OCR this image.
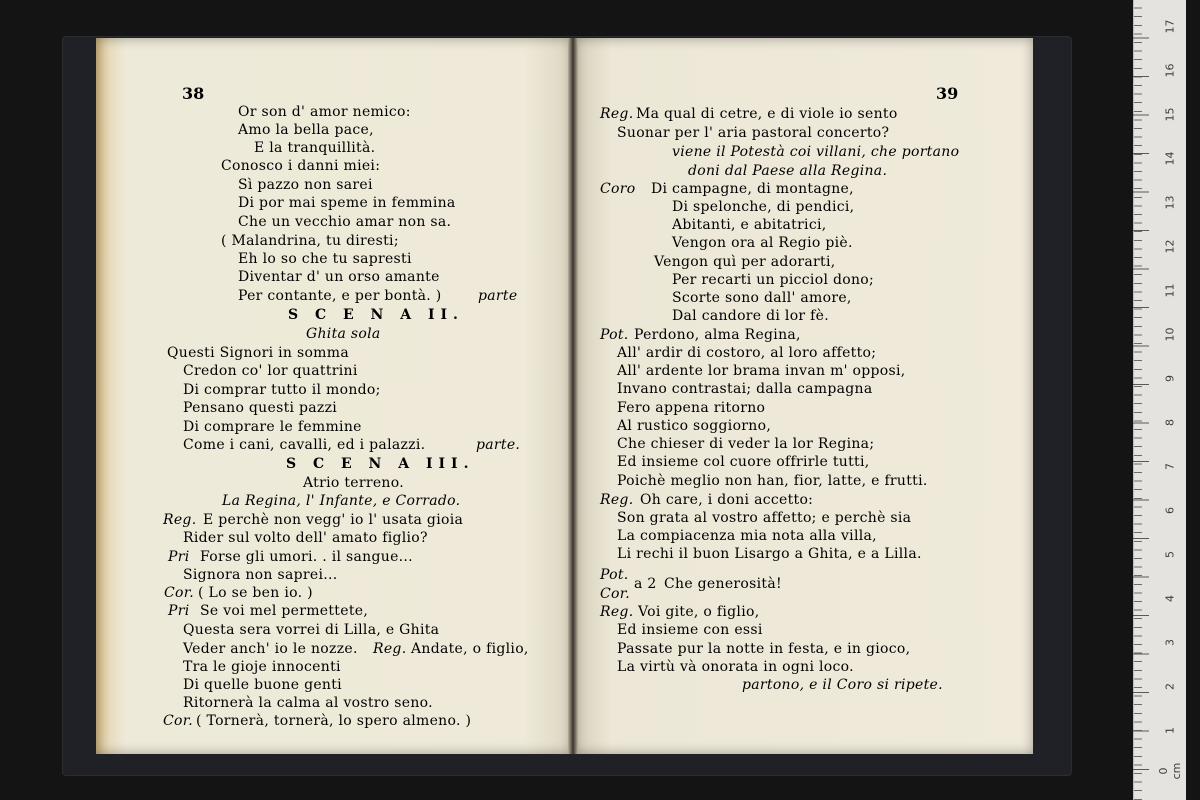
38
Or son d' amor nemico:
Amo la bella pace,
E la tranquillità.
Conosco i danni miei:
Sì pazzo non sarei
Di por mai speme in femmina
Che un vecchio amar non sa.
( Malandrina, tu diresti;
Eh lo so che tu sapresti
Diventar d' un orso amante
Per contante, e per bontà. )	parte
S C E N A II.
Ghita sola
Questi Signori in somma
Credon co' lor quattrini
Di comprar tutto il mondo;
Pensano questi pazzi
Di comprare le femmine
Come i cani, cavalli, ed i palazzi.	parte.
S C E N A III.
Atrio terreno.
La Regina, l' Infante, e Corrado.
Reg. E perchè non vegg' io l' usata gioia
Rider sul volto dell' amato figlio?
Pri Forse gli umori. . il sangue...
Signora non saprei...
Cor. ( Lo se ben io. )
Pri Se voi mel permettete,
Questa sera vorrei di Lilla, e Ghita
Veder anch' io le nozze. Reg. Andate, o figlio,
Tra le gioje innocenti
Di quelle buone genti
Ritornerà la calma al vostro seno.
Cor. ( Tornerà, tornerà, lo spero almeno. )
39
Reg. Ma qual di cetre, e di viole io sento
Suonar per l' aria pastoral concerto?
viene il Potestà coi villani, che portano
doni dal Paese alla Regina.
Coro Di campagne, di montagne,
Di spelonche, di pendici,
Abitanti, e abitatrici,
Vengon ora al Regio piè.
Vengon quì per adorarti,
Per recarti un picciol dono;
Scorte sono dall' amore,
Dal candore di lor fè.
Pot. Perdono, alma Regina,
All' ardir di costoro, al loro affetto;
All' ardente lor brama invan m' opposi,
Invano contrastai; dalla campagna
Fero appena ritorno
Al rustico soggiorno,
Che chieser di veder la lor Regina;
Ed insieme col cuore offrirle tutti,
Poichè meglio non han, fior, latte, e frutti.
Reg. Oh care, i doni accetto:
Son grata al vostro affetto; e perchè sia
La compiacenza mia nota alla villa,
Li rechi il buon Lisargo a Ghita, e a Lilla.
Pot.
a 2 Che generosità!
Cor.
Reg. Voi gite, o figlio,
Ed insieme con essi
Passate pur la notte in festa, e in gioco,
La virtù và onorata in ogni loco.
partono, e il Coro si ripete.
0 cm
1
2
3
4
5
6
7
8
9
10
11
12
13
14
15
16
17
